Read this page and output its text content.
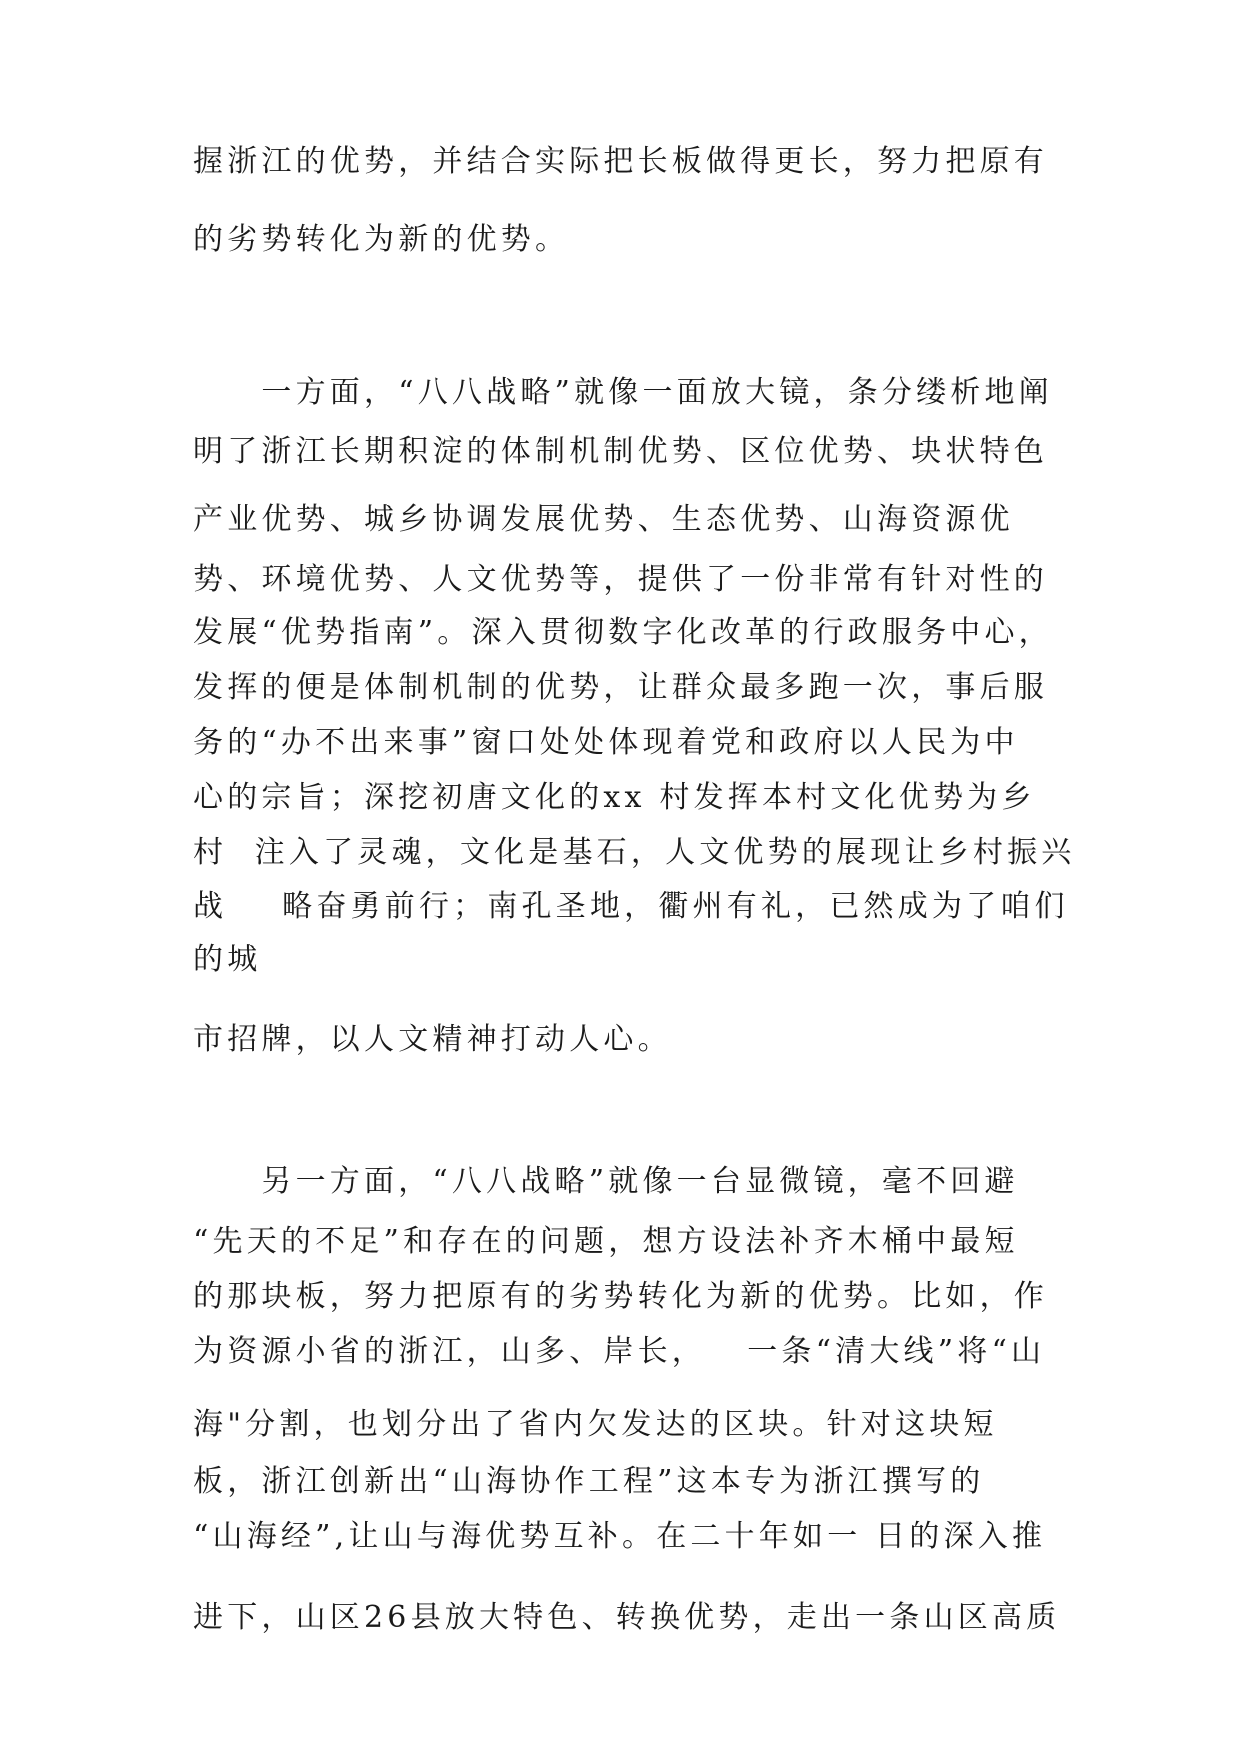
握浙江的优势，并结合实际把长板做得更长，努力把原有

的劣势转化为新的优势。

　　一方面，“八八战略”就像一面放大镜，条分缕析地阐

明了浙江长期积淀的体制机制优势、区位优势、块状特色

产业优势、城乡协调发展优势、生态优势、山海资源优

势、环境优势、人文优势等，提供了一份非常有针对性的

发展“优势指南”。深入贯彻数字化改革的行政服务中心，

发挥的便是体制机制的优势，让群众最多跑一次，事后服

务的“办不出来事”窗口处处体现着党和政府以人民为中

心的宗旨；深挖初唐文化的xx 村发挥本村文化优势为乡

村  注入了灵魂，文化是基石，人文优势的展现让乡村振兴

战    略奋勇前行；南孔圣地，衢州有礼，已然成为了咱们

的城

市招牌，以人文精神打动人心。

　　另一方面，“八八战略”就像一台显微镜，毫不回避

“先天的不足”和存在的问题，想方设法补齐木桶中最短

的那块板，努力把原有的劣势转化为新的优势。比如，作

为资源小省的浙江，山多、岸长，   一条“清大线”将“山

海"分割，也划分出了省内欠发达的区块。针对这块短

板，浙江创新出“山海协作工程”这本专为浙江撰写的

“山海经”,让山与海优势互补。在二十年如一 日的深入推

进下，山区26县放大特色、转换优势，走出一条山区高质
